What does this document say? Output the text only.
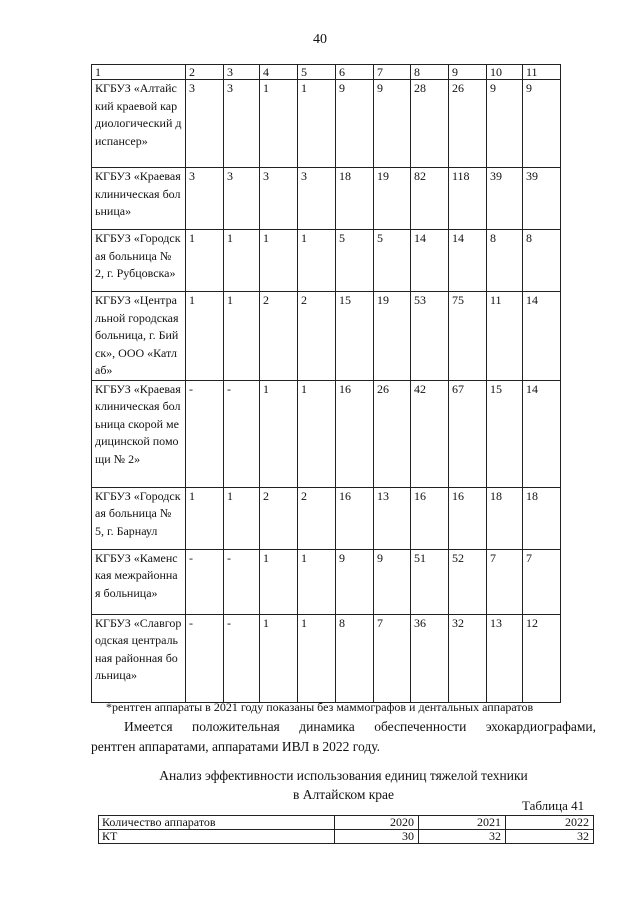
40
1	2	3	4	5	6	7	8	9	10	11
КГБУЗ «Алтайский краевой кардиологический диспансер»	3	3	1	1	9	9	28	26	9	9
КГБУЗ «Краевая клиническая больница»	3	3	3	3	18	19	82	118	39	39
КГБУЗ «Городская больница № 2, г. Рубцовска»	1	1	1	1	5	5	14	14	8	8
КГБУЗ «Центральной городская больница, г. Бийск», ООО «Катлаб»	1	1	2	2	15	19	53	75	11	14
КГБУЗ «Краевая клиническая больница скорой медицинской помощи № 2»	-	-	1	1	16	26	42	67	15	14
КГБУЗ «Городская больница № 5, г. Барнаул	1	1	2	2	16	13	16	16	18	18
КГБУЗ «Каменская межрайонная больница»	-	-	1	1	9	9	51	52	7	7
КГБУЗ «Славгородская центральная районная больница»	-	-	1	1	8	7	36	32	13	12
*рентген аппараты в 2021 году показаны без маммографов и дентальных аппаратов

Имеется положительная динамика обеспеченности эхокардиографами,

рентген аппаратами, аппаратами ИВЛ в 2022 году.

Анализ эффективности использования единиц тяжелой техники
в Алтайском крае
Таблица 41
Количество аппаратов	2020	2021	2022
КТ	30	32	32
